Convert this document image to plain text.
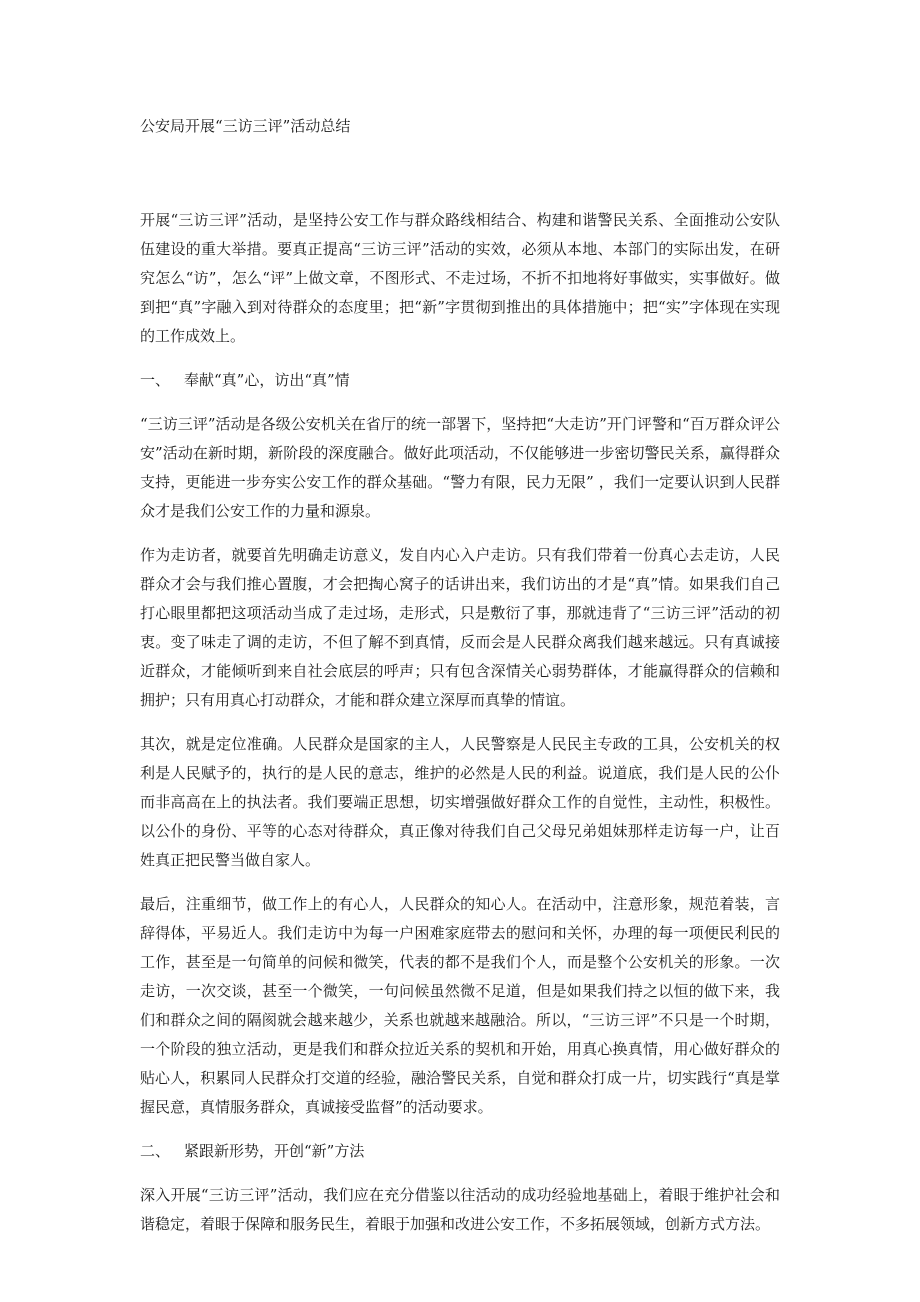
公安局开展“三访三评”活动总结

开展“三访三评”活动，是坚持公安工作与群众路线相结合、构建和谐警民关系、全面推动公安队伍建设的重大举措。要真正提高“三访三评”活动的实效，必须从本地、本部门的实际出发，在研究怎么“访”，怎么“评”上做文章，不图形式、不走过场，不折不扣地将好事做实，实事做好。做到把“真”字融入到对待群众的态度里；把“新”字贯彻到推出的具体措施中；把“实”字体现在实现的工作成效上。

一、 奉献“真”心，访出“真”情

“三访三评”活动是各级公安机关在省厅的统一部署下，坚持把“大走访”开门评警和“百万群众评公安”活动在新时期，新阶段的深度融合。做好此项活动，不仅能够进一步密切警民关系，赢得群众支持，更能进一步夯实公安工作的群众基础。“警力有限，民力无限” ，我们一定要认识到人民群众才是我们公安工作的力量和源泉。

作为走访者，就要首先明确走访意义，发自内心入户走访。只有我们带着一份真心去走访，人民群众才会与我们推心置腹，才会把掏心窝子的话讲出来，我们访出的才是“真”情。如果我们自己打心眼里都把这项活动当成了走过场，走形式，只是敷衍了事，那就违背了“三访三评”活动的初衷。变了味走了调的走访，不但了解不到真情，反而会是人民群众离我们越来越远。只有真诚接近群众，才能倾听到来自社会底层的呼声；只有包含深情关心弱势群体，才能赢得群众的信赖和拥护；只有用真心打动群众，才能和群众建立深厚而真挚的情谊。

其次，就是定位准确。人民群众是国家的主人，人民警察是人民民主专政的工具，公安机关的权利是人民赋予的，执行的是人民的意志，维护的必然是人民的利益。说道底，我们是人民的公仆而非高高在上的执法者。我们要端正思想，切实增强做好群众工作的自觉性，主动性，积极性。以公仆的身份、平等的心态对待群众，真正像对待我们自己父母兄弟姐妹那样走访每一户，让百姓真正把民警当做自家人。

最后，注重细节，做工作上的有心人，人民群众的知心人。在活动中，注意形象，规范着装，言辞得体，平易近人。我们走访中为每一户困难家庭带去的慰问和关怀，办理的每一项便民利民的工作，甚至是一句简单的问候和微笑，代表的都不是我们个人，而是整个公安机关的形象。一次走访，一次交谈，甚至一个微笑，一句问候虽然微不足道，但是如果我们持之以恒的做下来，我们和群众之间的隔阂就会越来越少，关系也就越来越融洽。所以，“三访三评”不只是一个时期，一个阶段的独立活动，更是我们和群众拉近关系的契机和开始，用真心换真情，用心做好群众的贴心人，积累同人民群众打交道的经验，融洽警民关系，自觉和群众打成一片，切实践行“真是掌握民意，真情服务群众，真诚接受监督”的活动要求。

二、 紧跟新形势，开创“新”方法

深入开展“三访三评”活动，我们应在充分借鉴以往活动的成功经验地基础上，着眼于维护社会和谐稳定，着眼于保障和服务民生，着眼于加强和改进公安工作，不多拓展领域，创新方式方法。
